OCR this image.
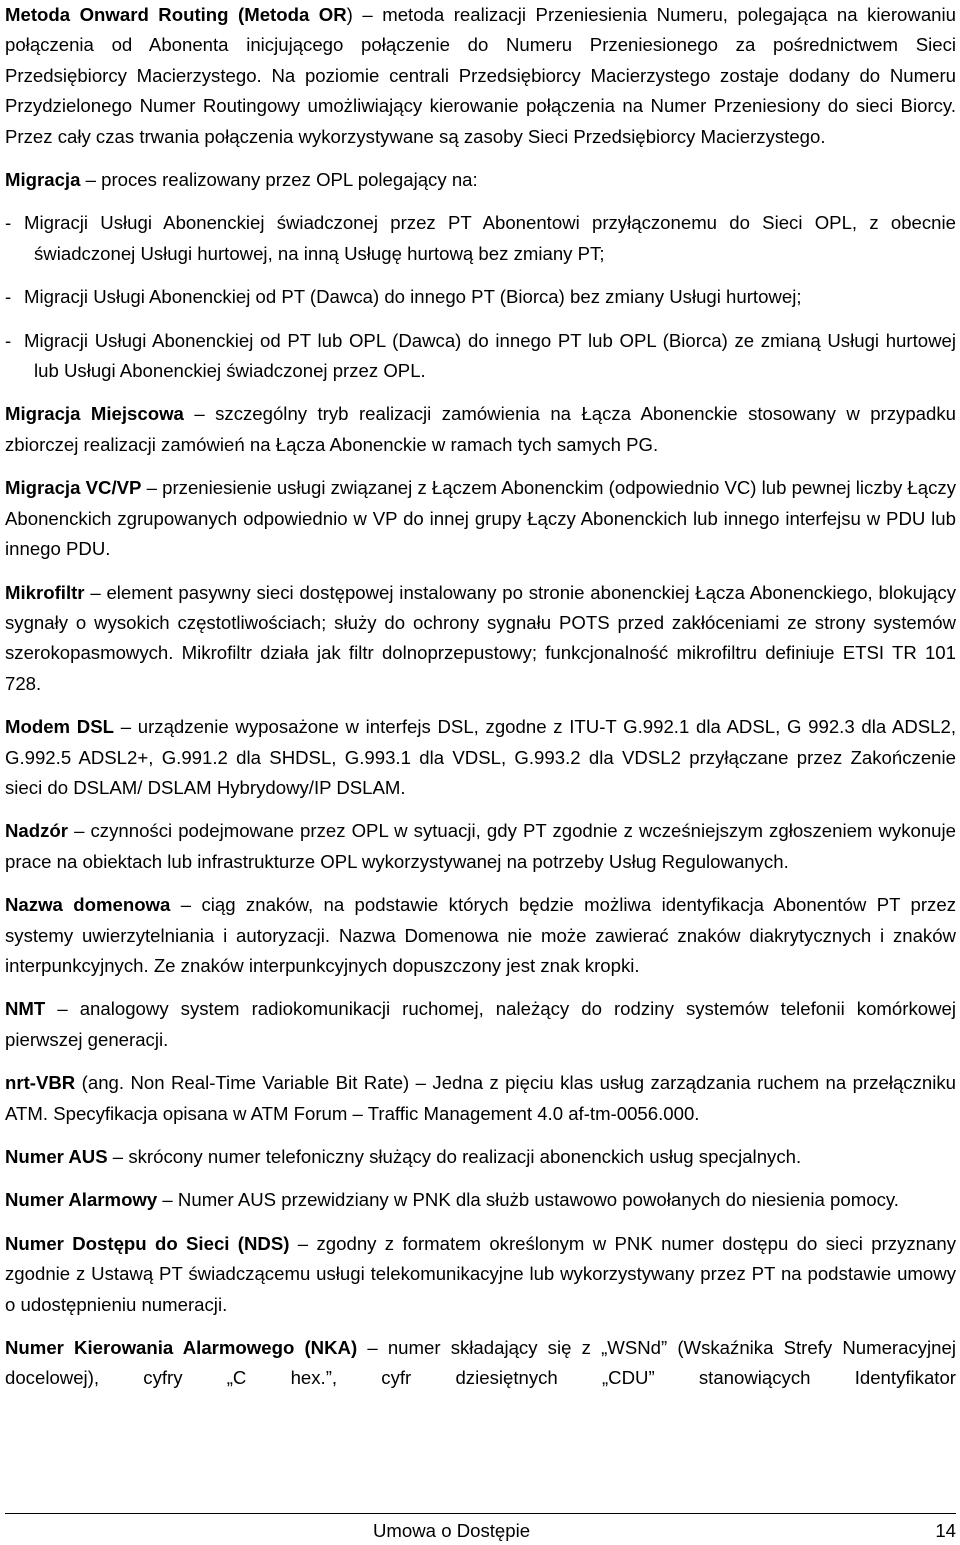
Metoda Onward Routing (Metoda OR) – metoda realizacji Przeniesienia Numeru, polegająca na kierowaniu połączenia od Abonenta inicjującego połączenie do Numeru Przeniesionego za pośrednictwem Sieci Przedsiębiorcy Macierzystego. Na poziomie centrali Przedsiębiorcy Macierzystego zostaje dodany do Numeru Przydzielonego Numer Routingowy umożliwiający kierowanie połączenia na Numer Przeniesiony do sieci Biorcy. Przez cały czas trwania połączenia wykorzystywane są zasoby Sieci Przedsiębiorcy Macierzystego.

Migracja – proces realizowany przez OPL polegający na:

- Migracji Usługi Abonenckiej świadczonej przez PT Abonentowi przyłączonemu do Sieci OPL, z obecnie świadczonej Usługi hurtowej, na inną Usługę hurtową bez zmiany PT;

- Migracji Usługi Abonenckiej od PT (Dawca) do innego PT (Biorca) bez zmiany Usługi hurtowej;

- Migracji Usługi Abonenckiej od PT lub OPL (Dawca) do innego PT lub OPL (Biorca) ze zmianą Usługi hurtowej lub Usługi Abonenckiej świadczonej przez OPL.

Migracja Miejscowa – szczególny tryb realizacji zamówienia na Łącza Abonenckie stosowany w przypadku zbiorczej realizacji zamówień na Łącza Abonenckie w ramach tych samych PG.

Migracja VC/VP – przeniesienie usługi związanej z Łączem Abonenckim (odpowiednio VC) lub pewnej liczby Łączy Abonenckich zgrupowanych odpowiednio w VP do innej grupy Łączy Abonenckich lub innego interfejsu w PDU lub innego PDU.

Mikrofiltr – element pasywny sieci dostępowej instalowany po stronie abonenckiej Łącza Abonenckiego, blokujący sygnały o wysokich częstotliwościach; służy do ochrony sygnału POTS przed zakłóceniami ze strony systemów szerokopasmowych. Mikrofiltr działa jak filtr dolnoprzepustowy; funkcjonalność mikrofiltru definiuje ETSI TR 101 728.

Modem DSL – urządzenie wyposażone w interfejs DSL, zgodne z ITU-T G.992.1 dla ADSL, G 992.3 dla ADSL2, G.992.5 ADSL2+, G.991.2 dla SHDSL, G.993.1 dla VDSL, G.993.2 dla VDSL2 przyłączane przez Zakończenie sieci do DSLAM/ DSLAM Hybrydowy/IP DSLAM.

Nadzór – czynności podejmowane przez OPL w sytuacji, gdy PT zgodnie z wcześniejszym zgłoszeniem wykonuje prace na obiektach lub infrastrukturze OPL wykorzystywanej na potrzeby Usług Regulowanych.

Nazwa domenowa – ciąg znaków, na podstawie których będzie możliwa identyfikacja Abonentów PT przez systemy uwierzytelniania i autoryzacji. Nazwa Domenowa nie może zawierać znaków diakrytycznych i znaków interpunkcyjnych. Ze znaków interpunkcyjnych dopuszczony jest znak kropki.

NMT – analogowy system radiokomunikacji ruchomej, należący do rodziny systemów telefonii komórkowej pierwszej generacji.

nrt-VBR (ang. Non Real-Time Variable Bit Rate) – Jedna z pięciu klas usług zarządzania ruchem na przełączniku ATM. Specyfikacja opisana w ATM Forum – Traffic Management 4.0 af-tm-0056.000.

Numer AUS – skrócony numer telefoniczny służący do realizacji abonenckich usług specjalnych.

Numer Alarmowy – Numer AUS przewidziany w PNK dla służb ustawowo powołanych do niesienia pomocy.

Numer Dostępu do Sieci (NDS) – zgodny z formatem określonym w PNK numer dostępu do sieci przyznany zgodnie z Ustawą PT świadczącemu usługi telekomunikacyjne lub wykorzystywany przez PT na podstawie umowy o udostępnieniu numeracji.

Numer Kierowania Alarmowego (NKA) – numer składający się z „WSNd” (Wskaźnika Strefy Numeracyjnej docelowej), cyfry „C hex.”, cyfr dziesiętnych „CDU” stanowiących Identyfikator

Umowa o Dostępie	14
